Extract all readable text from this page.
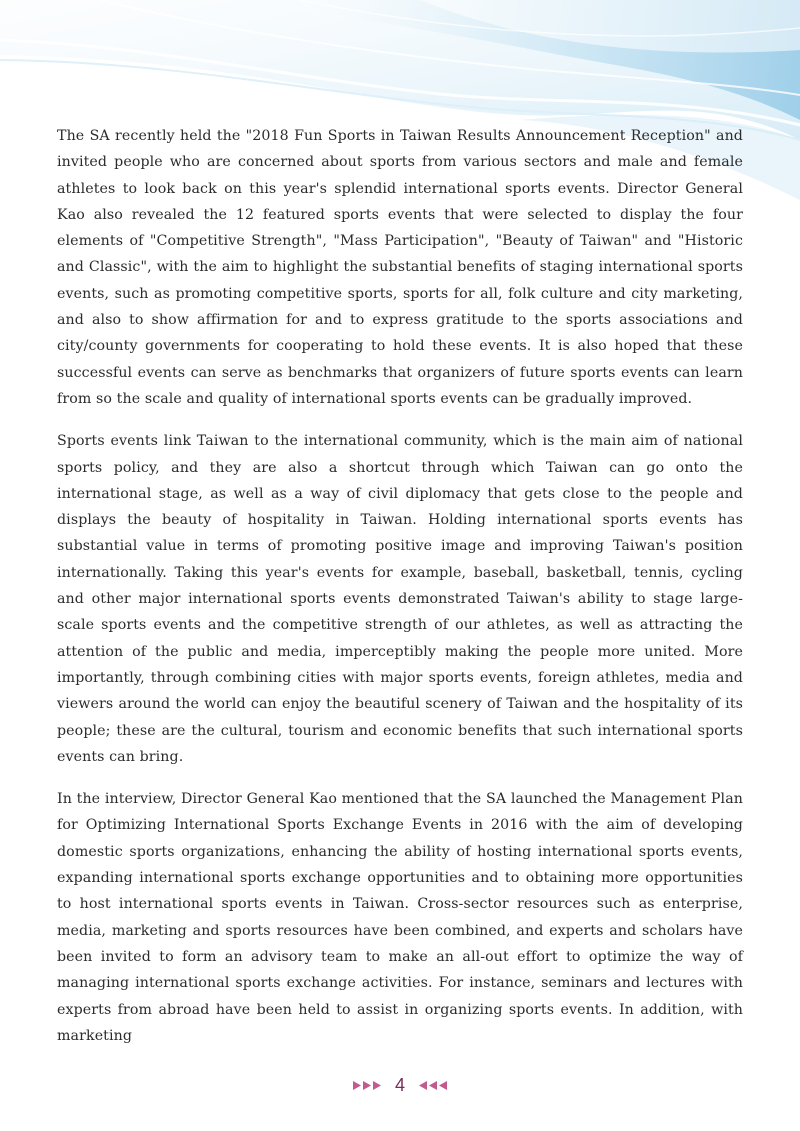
The SA recently held the "2018 Fun Sports in Taiwan Results Announcement Reception" and invited people who are concerned about sports from various sectors and male and female athletes to look back on this year's splendid international sports events. Director General Kao also revealed the 12 featured sports events that were selected to display the four elements of "Competitive Strength", "Mass Participation", "Beauty of Taiwan" and "Historic and Classic", with the aim to highlight the substantial benefits of staging international sports events, such as promoting competitive sports, sports for all, folk culture and city marketing, and also to show affirmation for and to express gratitude to the sports associations and city/county governments for cooperating to hold these events. It is also hoped that these successful events can serve as benchmarks that organizers of future sports events can learn from so the scale and quality of international sports events can be gradually improved.

Sports events link Taiwan to the international community, which is the main aim of national sports policy, and they are also a shortcut through which Taiwan can go onto the international stage, as well as a way of civil diplomacy that gets close to the people and displays the beauty of hospitality in Taiwan. Holding international sports events has substantial value in terms of promoting positive image and improving Taiwan's position internationally. Taking this year's events for example, baseball, basketball, tennis, cycling and other major international sports events demonstrated Taiwan's ability to stage large-scale sports events and the competitive strength of our athletes, as well as attracting the attention of the public and media, imperceptibly making the people more united. More importantly, through combining cities with major sports events, foreign athletes, media and viewers around the world can enjoy the beautiful scenery of Taiwan and the hospitality of its people; these are the cultural, tourism and economic benefits that such international sports events can bring.

In the interview, Director General Kao mentioned that the SA launched the Management Plan for Optimizing International Sports Exchange Events in 2016 with the aim of developing domestic sports organizations, enhancing the ability of hosting international sports events, expanding international sports exchange opportunities and to obtaining more opportunities to host international sports events in Taiwan. Cross-sector resources such as enterprise, media, marketing and sports resources have been combined, and experts and scholars have been invited to form an advisory team to make an all-out effort to optimize the way of managing international sports exchange activities. For instance, seminars and lectures with experts from abroad have been held to assist in organizing sports events. In addition, with marketing

4
